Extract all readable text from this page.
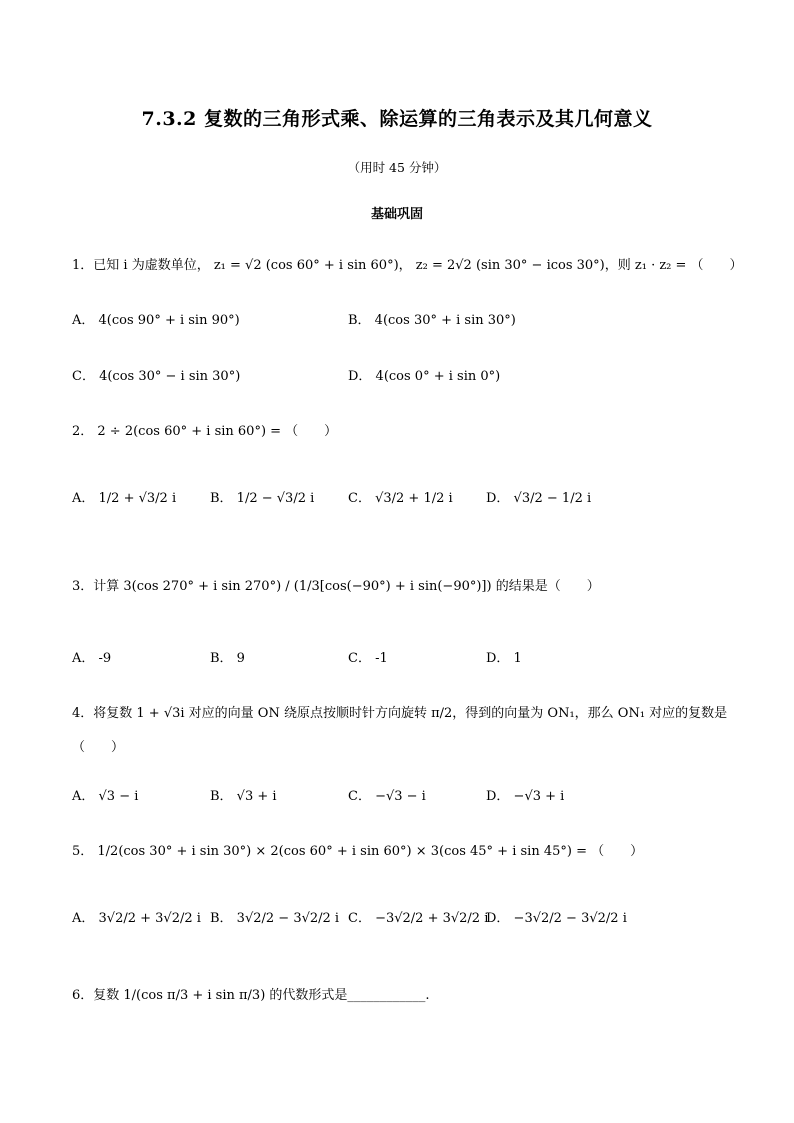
7.3.2 复数的三角形式乘、除运算的三角表示及其几何意义
（用时 45 分钟）
基础巩固
1．已知 i 为虚数单位， z₁ = √2 (cos 60° + i sin 60°)， z₂ = 2√2 (sin 30° − icos 30°)，则 z₁ · z₂ = （　　）
A． 4(cos 90° + i sin 90°)	B． 4(cos 30° + i sin 30°)
C． 4(cos 30° − i sin 30°)	D． 4(cos 0° + i sin 0°)
2． 2 ÷ 2(cos 60° + i sin 60°) = （　　）
A． 1/2 + √3/2 i	B． 1/2 − √3/2 i	C． √3/2 + 1/2 i	D． √3/2 − 1/2 i
3．计算 3(cos 270° + i sin 270°) / (1/3[cos(−90°) + i sin(−90°)]) 的结果是（　　）
A． -9	B． 9	C． -1	D． 1
4．将复数 1 + √3i 对应的向量 ON 绕原点按顺时针方向旋转 π/2，得到的向量为 ON₁，那么 ON₁ 对应的复数是（　　）
A． √3 − i	B． √3 + i	C． −√3 − i	D． −√3 + i
5． 1/2(cos 30° + i sin 30°) × 2(cos 60° + i sin 60°) × 3(cos 45° + i sin 45°) = （　　）
A． 3√2/2 + 3√2/2 i B． 3√2/2 − 3√2/2 i C． −3√2/2 + 3√2/2 i
D． −3√2/2 − 3√2/2 i
6．复数 1/(cos π/3 + i sin π/3) 的代数形式是____________.
